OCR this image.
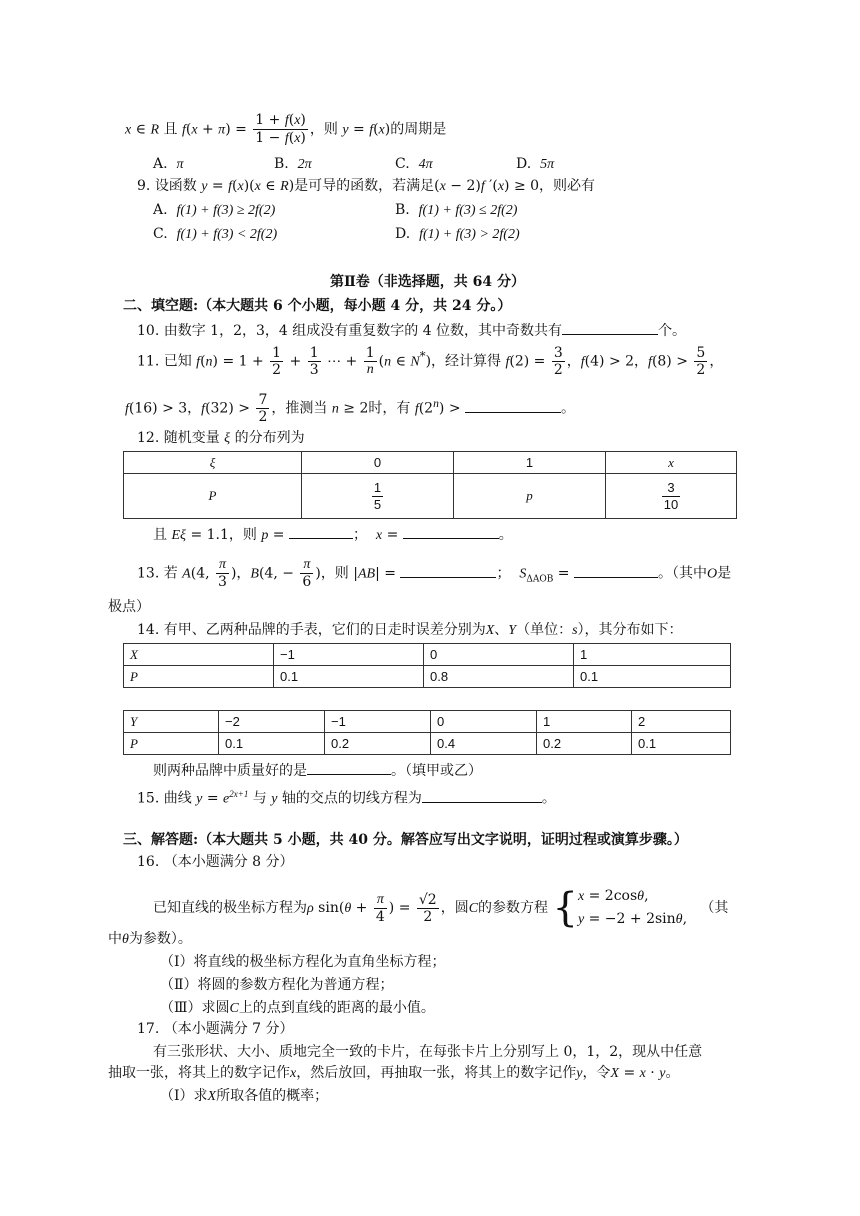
x ∈ R 且 $f(x + \pi) = \frac{1 + f(x)}{1 - f(x)}$ ，则 y = f(x)的周期是
A. π	B. 2π	C. 4π	D. 5π
9. 设函数 y = f(x)(x ∈ R)是可导的函数，若满足(x − 2)f ′(x) ≥ 0，则必有
A. f(1) + f(3) ≥ 2f(2)	B. f(1) + f(3) ≤ 2f(2)
C. f(1) + f(3) < 2f(2)	D. f(1) + f(3) > 2f(2)
第Ⅱ卷（非选择题，共 64 分）
二、填空题:（本大题共 6 个小题，每小题 4 分，共 24 分。）
10. 由数字 1，2，3，4 组成没有重复数字的 4 位数，其中奇数共有	个。
11. 已知 $f(n) = 1 + \frac{1}{2} + \frac{1}{3}$ ⋯ + $\frac{1}{n} (n$ ∈ N*)，经计算得 $f(2) = \frac{3}{2}$ ，f(4) > 2，$f(8) > \frac{5}{2}$ ，
f(16) > 3，$f(32) > \frac{7}{2}$ ，推测当 n ≥ 2时，有 $f(2^n)$ >	。
12. 随机变量 ξ 的分布列为
ξ	0	1	x
P	$\frac{1}{5}$	p	$\frac{3}{10}$
且 Eξ = 1.1，则 p =	； x =	。
13. 若 A(4, $\frac{\pi}{3}$ )，B(4, − $\frac{\pi}{6}$ )，则 |AB| =	； $S_{\Delta AOB}$ =	。（其中O是
极点）
14. 有甲、乙两种品牌的手表，它们的日走时误差分别为X、Y（单位：s），其分布如下：
X	−1	0	1
P	0.1	0.8	0.1
Y	−2	−1	0	1	2
P	0.1	0.2	0.4	0.2	0.1
则两种品牌中质量好的是	。（填甲或乙）
15. 曲线 $y = e^{2x+1}$ 与 y 轴的交点的切线方程为	。
三、解答题:（本大题共 5 小题，共 40 分。解答应写出文字说明，证明过程或演算步骤。）
16. （本小题满分 8 分）
已知直线的极坐标方程为ρ $\sin(\theta + \frac{\pi}{4}$ ) = $\frac{√2}{2}$ ，圆C的参数方程 {x = 2cosθ,
y = −2 + 2sinθ,   （其
中θ为参数）。
（Ⅰ）将直线的极坐标方程化为直角坐标方程；
（Ⅱ）将圆的参数方程化为普通方程；
（Ⅲ）求圆C上的点到直线的距离的最小值。
17. （本小题满分 7 分）
有三张形状、大小、质地完全一致的卡片，在每张卡片上分别写上 0，1，2，现从中任意
抽取一张，将其上的数字记作x，然后放回，再抽取一张，将其上的数字记作y，令X = x · y。
（Ⅰ）求X所取各值的概率；
